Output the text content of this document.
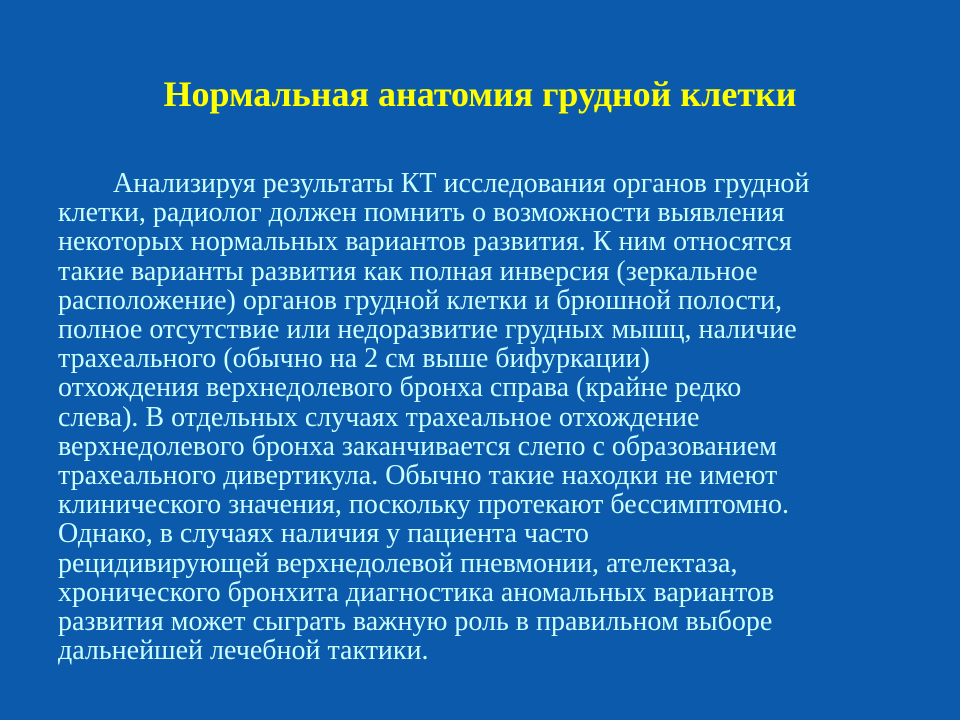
Нормальная анатомия грудной клетки
Анализируя результаты КТ исследования органов грудной
клетки, радиолог должен помнить о возможности выявления
некоторых нормальных вариантов развития. К ним относятся
такие варианты развития как полная инверсия (зеркальное
расположение) органов грудной клетки и брюшной полости,
полное отсутствие или недоразвитие грудных мышц, наличие
трахеального (обычно на 2 см выше бифуркации)
отхождения верхнедолевого бронха справа (крайне редко
слева). В отдельных случаях трахеальное отхождение
верхнедолевого бронха заканчивается слепо с образованием
трахеального дивертикула. Обычно такие находки не имеют
клинического значения, поскольку протекают бессимптомно.
Однако, в случаях наличия у пациента часто
рецидивирующей верхнедолевой пневмонии, ателектаза,
хронического бронхита диагностика аномальных вариантов
развития может сыграть важную роль в правильном выборе
дальнейшей лечебной тактики.
